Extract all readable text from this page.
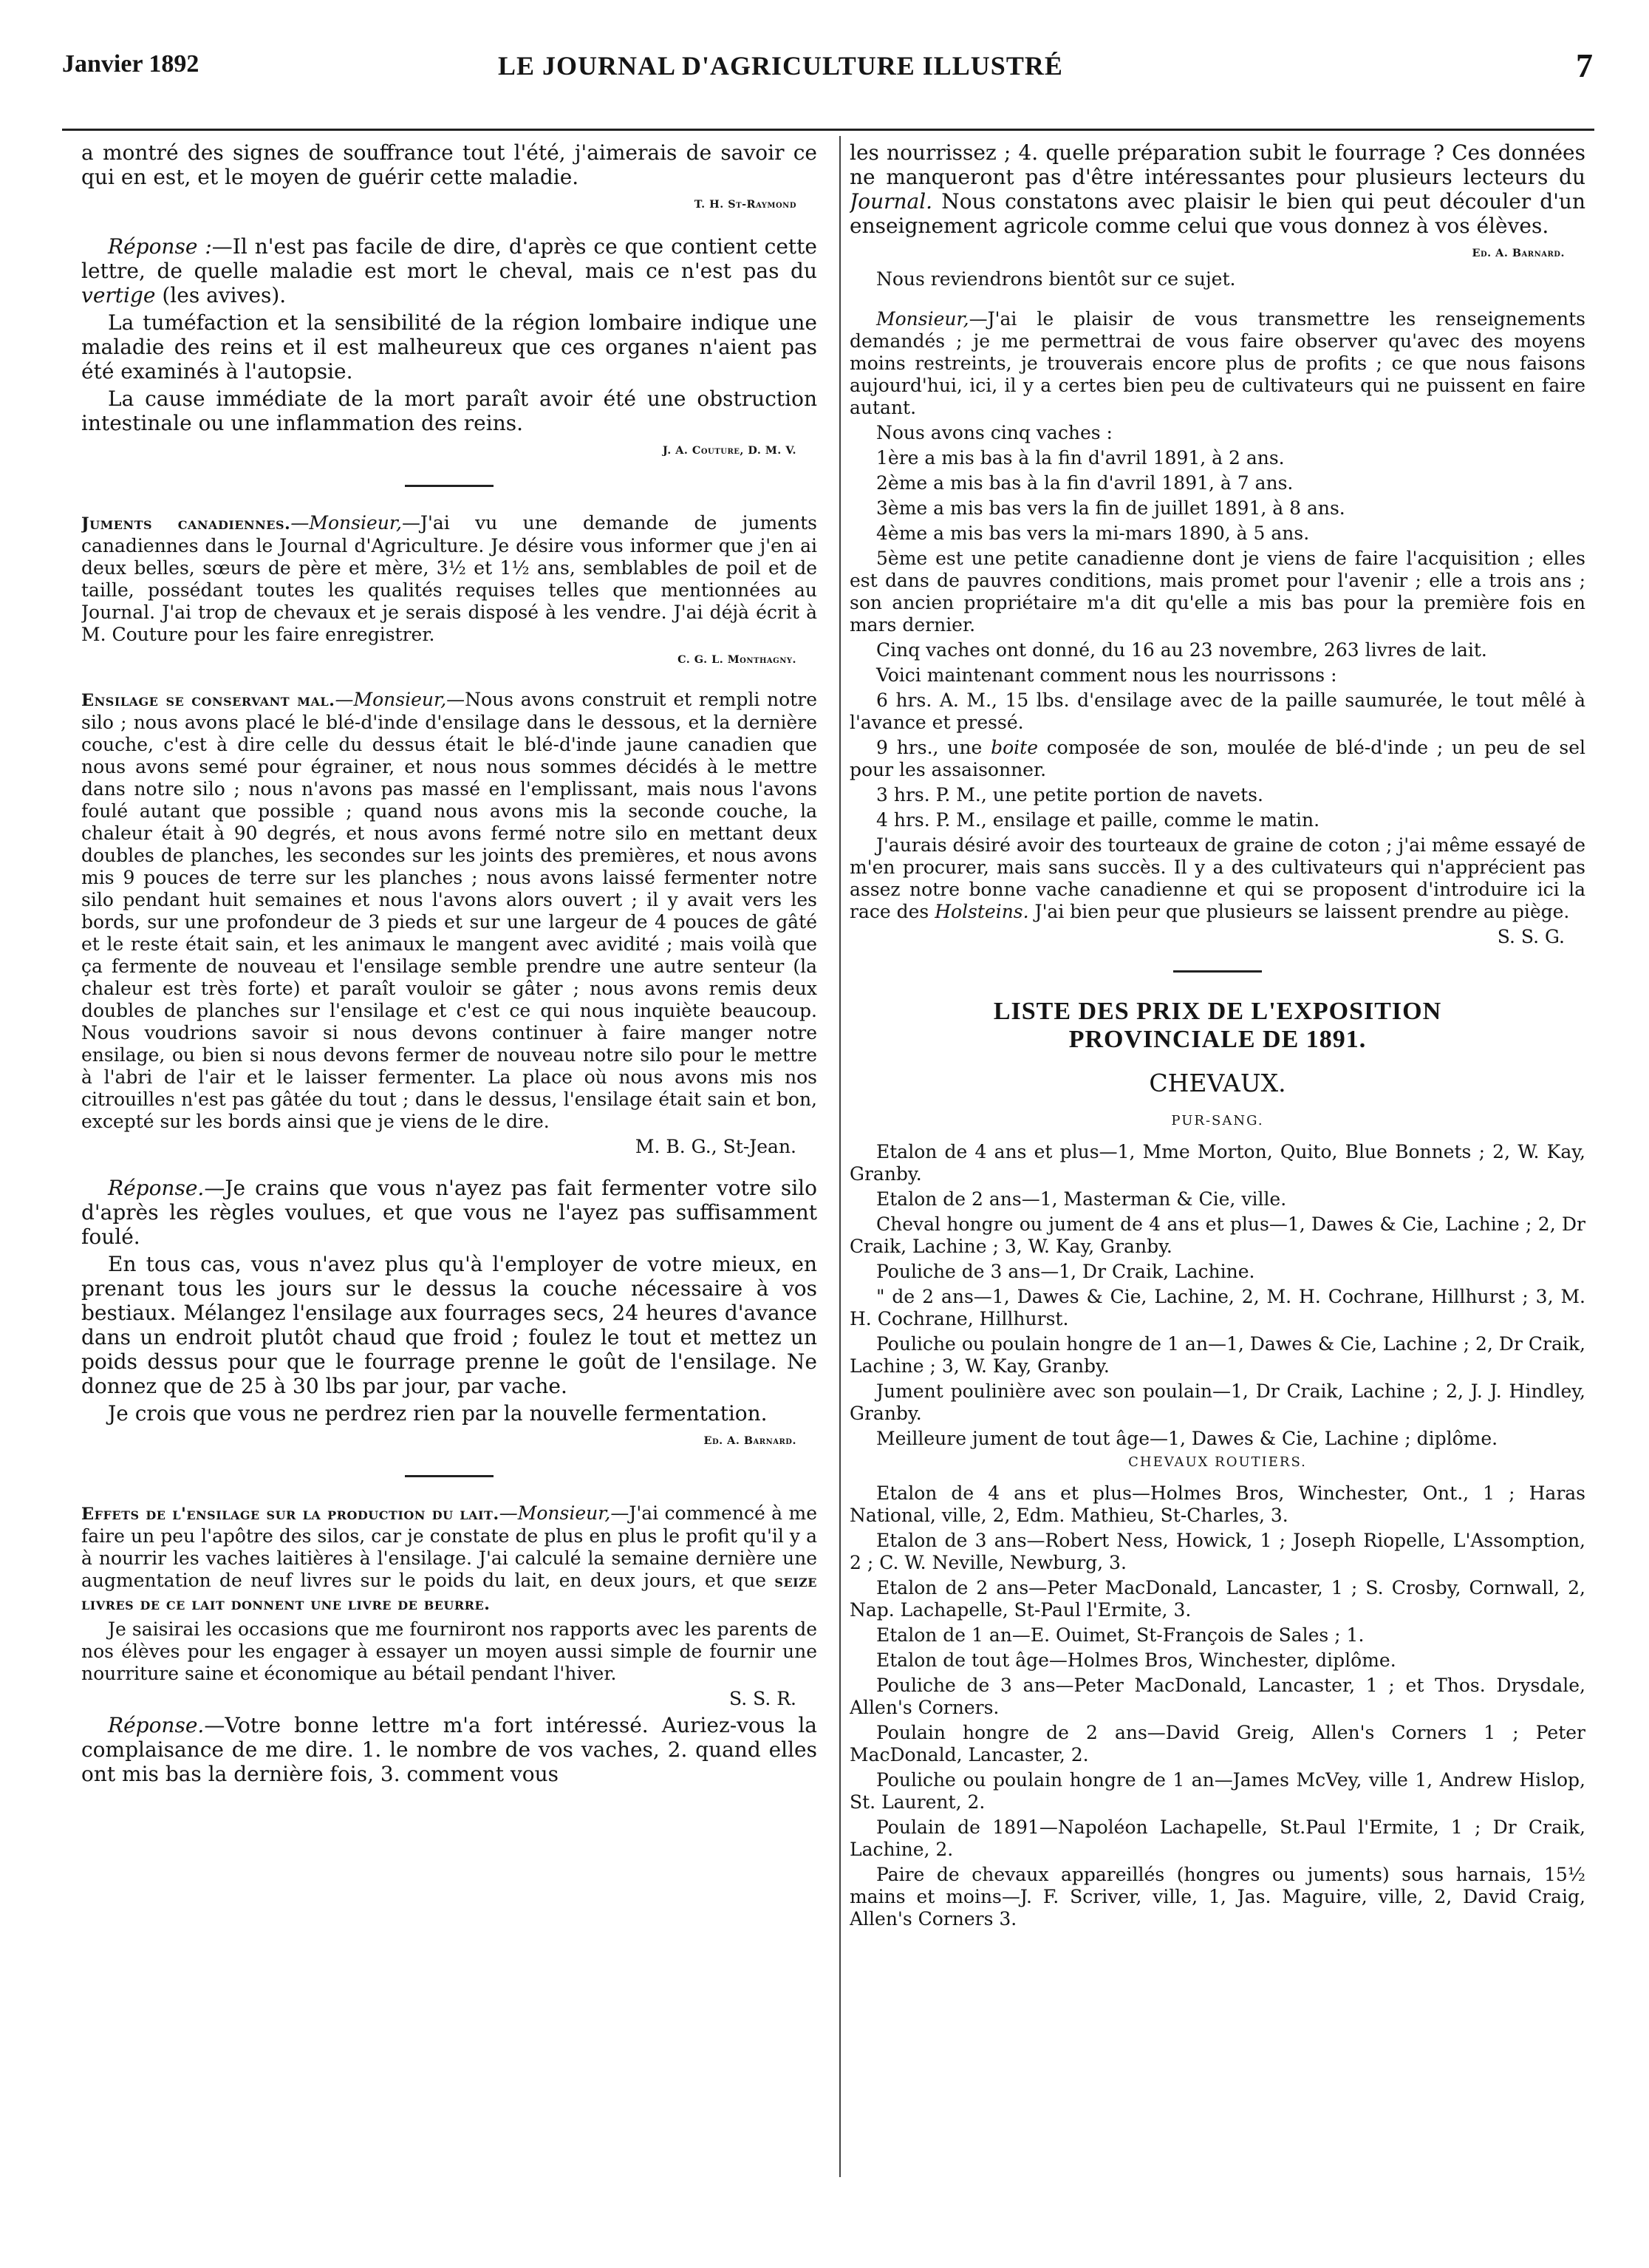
Janvier 1892	LE JOURNAL D'AGRICULTURE ILLUSTRÉ	7

a montré des signes de souffrance tout l'été, j'aimerais de savoir ce qui en est, et le moyen de guérir cette maladie.

T. H. St-Raymond

Réponse :—Il n'est pas facile de dire, d'après ce que contient cette lettre, de quelle maladie est mort le cheval, mais ce n'est pas du vertige (les avives).

La tuméfaction et la sensibilité de la région lombaire indique une maladie des reins et il est malheureux que ces organes n'aient pas été examinés à l'autopsie.

La cause immédiate de la mort paraît avoir été une obstruction intestinale ou une inflammation des reins.

J. A. Couture, D. M. V.

Juments canadiennes.—Monsieur,—J'ai vu une demande de juments canadiennes dans le Journal d'Agriculture. Je désire vous informer que j'en ai deux belles, sœurs de père et mère, 3½ et 1½ ans, semblables de poil et de taille, possédant toutes les qualités requises telles que mentionnées au Journal. J'ai trop de chevaux et je serais disposé à les vendre. J'ai déjà écrit à M. Couture pour les faire enregistrer.

C. G. L. Monthagny.

Ensilage se conservant mal.—Monsieur,—Nous avons construit et rempli notre silo ; nous avons placé le blé-d'inde d'ensilage dans le dessous, et la dernière couche, c'est à dire celle du dessus était le blé-d'inde jaune canadien que nous avons semé pour égrainer, et nous nous sommes décidés à le mettre dans notre silo ; nous n'avons pas massé en l'emplissant, mais nous l'avons foulé autant que possible ; quand nous avons mis la seconde couche, la chaleur était à 90 degrés, et nous avons fermé notre silo en mettant deux doubles de planches, les secondes sur les joints des premières, et nous avons mis 9 pouces de terre sur les planches ; nous avons laissé fermenter notre silo pendant huit semaines et nous l'avons alors ouvert ; il y avait vers les bords, sur une profondeur de 3 pieds et sur une largeur de 4 pouces de gâté et le reste était sain, et les animaux le mangent avec avidité ; mais voilà que ça fermente de nouveau et l'ensilage semble prendre une autre senteur (la chaleur est très forte) et paraît vouloir se gâter ; nous avons remis deux doubles de planches sur l'ensilage et c'est ce qui nous inquiète beaucoup. Nous voudrions savoir si nous devons continuer à faire manger notre ensilage, ou bien si nous devons fermer de nouveau notre silo pour le mettre à l'abri de l'air et le laisser fermenter. La place où nous avons mis nos citrouilles n'est pas gâtée du tout ; dans le dessus, l'ensilage était sain et bon, excepté sur les bords ainsi que je viens de le dire.

M. B. G., St-Jean.

Réponse.—Je crains que vous n'ayez pas fait fermenter votre silo d'après les règles voulues, et que vous ne l'ayez pas suffisamment foulé.

En tous cas, vous n'avez plus qu'à l'employer de votre mieux, en prenant tous les jours sur le dessus la couche nécessaire à vos bestiaux. Mélangez l'ensilage aux fourrages secs, 24 heures d'avance dans un endroit plutôt chaud que froid ; foulez le tout et mettez un poids dessus pour que le fourrage prenne le goût de l'ensilage. Ne donnez que de 25 à 30 lbs par jour, par vache.

Je crois que vous ne perdrez rien par la nouvelle fermentation.

Ed. A. Barnard.

Effets de l'ensilage sur la production du lait.—Monsieur,—J'ai commencé à me faire un peu l'apôtre des silos, car je constate de plus en plus le profit qu'il y a à nourrir les vaches laitières à l'ensilage. J'ai calculé la semaine dernière une augmentation de neuf livres sur le poids du lait, en deux jours, et que seize livres de ce lait donnent une livre de beurre.

Je saisirai les occasions que me fourniront nos rapports avec les parents de nos élèves pour les engager à essayer un moyen aussi simple de fournir une nourriture saine et économique au bétail pendant l'hiver.

S. S. R.

Réponse.—Votre bonne lettre m'a fort intéressé. Auriez-vous la complaisance de me dire. 1. le nombre de vos vaches, 2. quand elles ont mis bas la dernière fois, 3. comment vous

les nourrissez ; 4. quelle préparation subit le fourrage ? Ces données ne manqueront pas d'être intéressantes pour plusieurs lecteurs du Journal. Nous constatons avec plaisir le bien qui peut découler d'un enseignement agricole comme celui que vous donnez à vos élèves.

Ed. A. Barnard.

Nous reviendrons bientôt sur ce sujet.

Monsieur,—J'ai le plaisir de vous transmettre les renseignements demandés ; je me permettrai de vous faire observer qu'avec des moyens moins restreints, je trouverais encore plus de profits ; ce que nous faisons aujourd'hui, ici, il y a certes bien peu de cultivateurs qui ne puissent en faire autant.

Nous avons cinq vaches :

1ère a mis bas à la fin d'avril 1891, à 2 ans.

2ème a mis bas à la fin d'avril 1891, à 7 ans.

3ème a mis bas vers la fin de juillet 1891, à 8 ans.

4ème a mis bas vers la mi-mars 1890, à 5 ans.

5ème est une petite canadienne dont je viens de faire l'acquisition ; elles est dans de pauvres conditions, mais promet pour l'avenir ; elle a trois ans ; son ancien propriétaire m'a dit qu'elle a mis bas pour la première fois en mars dernier.

Cinq vaches ont donné, du 16 au 23 novembre, 263 livres de lait.

Voici maintenant comment nous les nourrissons :

6 hrs. A. M., 15 lbs. d'ensilage avec de la paille saumurée, le tout mêlé à l'avance et pressé.

9 hrs., une boite composée de son, moulée de blé-d'inde ; un peu de sel pour les assaisonner.

3 hrs. P. M., une petite portion de navets.

4 hrs. P. M., ensilage et paille, comme le matin.

J'aurais désiré avoir des tourteaux de graine de coton ; j'ai même essayé de m'en procurer, mais sans succès. Il y a des cultivateurs qui n'apprécient pas assez notre bonne vache canadienne et qui se proposent d'introduire ici la race des Holsteins. J'ai bien peur que plusieurs se laissent prendre au piège.

S. S. G.

LISTE DES PRIX DE L'EXPOSITION
PROVINCIALE DE 1891.
CHEVAUX.
PUR-SANG.

Etalon de 4 ans et plus—1, Mme Morton, Quito, Blue Bonnets ; 2, W. Kay, Granby.

Etalon de 2 ans—1, Masterman & Cie, ville.

Cheval hongre ou jument de 4 ans et plus—1, Dawes & Cie, Lachine ; 2, Dr Craik, Lachine ; 3, W. Kay, Granby.

Pouliche de 3 ans—1, Dr Craik, Lachine.

" de 2 ans—1, Dawes & Cie, Lachine, 2, M. H. Cochrane, Hillhurst ; 3, M. H. Cochrane, Hillhurst.

Pouliche ou poulain hongre de 1 an—1, Dawes & Cie, Lachine ; 2, Dr Craik, Lachine ; 3, W. Kay, Granby.

Jument poulinière avec son poulain—1, Dr Craik, Lachine ; 2, J. J. Hindley, Granby.

Meilleure jument de tout âge—1, Dawes & Cie, Lachine ; diplôme.

CHEVAUX ROUTIERS.

Etalon de 4 ans et plus—Holmes Bros, Winchester, Ont., 1 ; Haras National, ville, 2, Edm. Mathieu, St-Charles, 3.

Etalon de 3 ans—Robert Ness, Howick, 1 ; Joseph Riopelle, L'Assomption, 2 ; C. W. Neville, Newburg, 3.

Etalon de 2 ans—Peter MacDonald, Lancaster, 1 ; S. Crosby, Cornwall, 2, Nap. Lachapelle, St-Paul l'Ermite, 3.

Etalon de 1 an—E. Ouimet, St-François de Sales ; 1.

Etalon de tout âge—Holmes Bros, Winchester, diplôme.

Pouliche de 3 ans—Peter MacDonald, Lancaster, 1 ; et Thos. Drysdale, Allen's Corners.

Poulain hongre de 2 ans—David Greig, Allen's Corners 1 ; Peter MacDonald, Lancaster, 2.

Pouliche ou poulain hongre de 1 an—James McVey, ville 1, Andrew Hislop, St. Laurent, 2.

Poulain de 1891—Napoléon Lachapelle, St.Paul l'Ermite, 1 ; Dr Craik, Lachine, 2.

Paire de chevaux appareillés (hongres ou juments) sous harnais, 15½ mains et moins—J. F. Scriver, ville, 1, Jas. Maguire, ville, 2, David Craig, Allen's Corners 3.
